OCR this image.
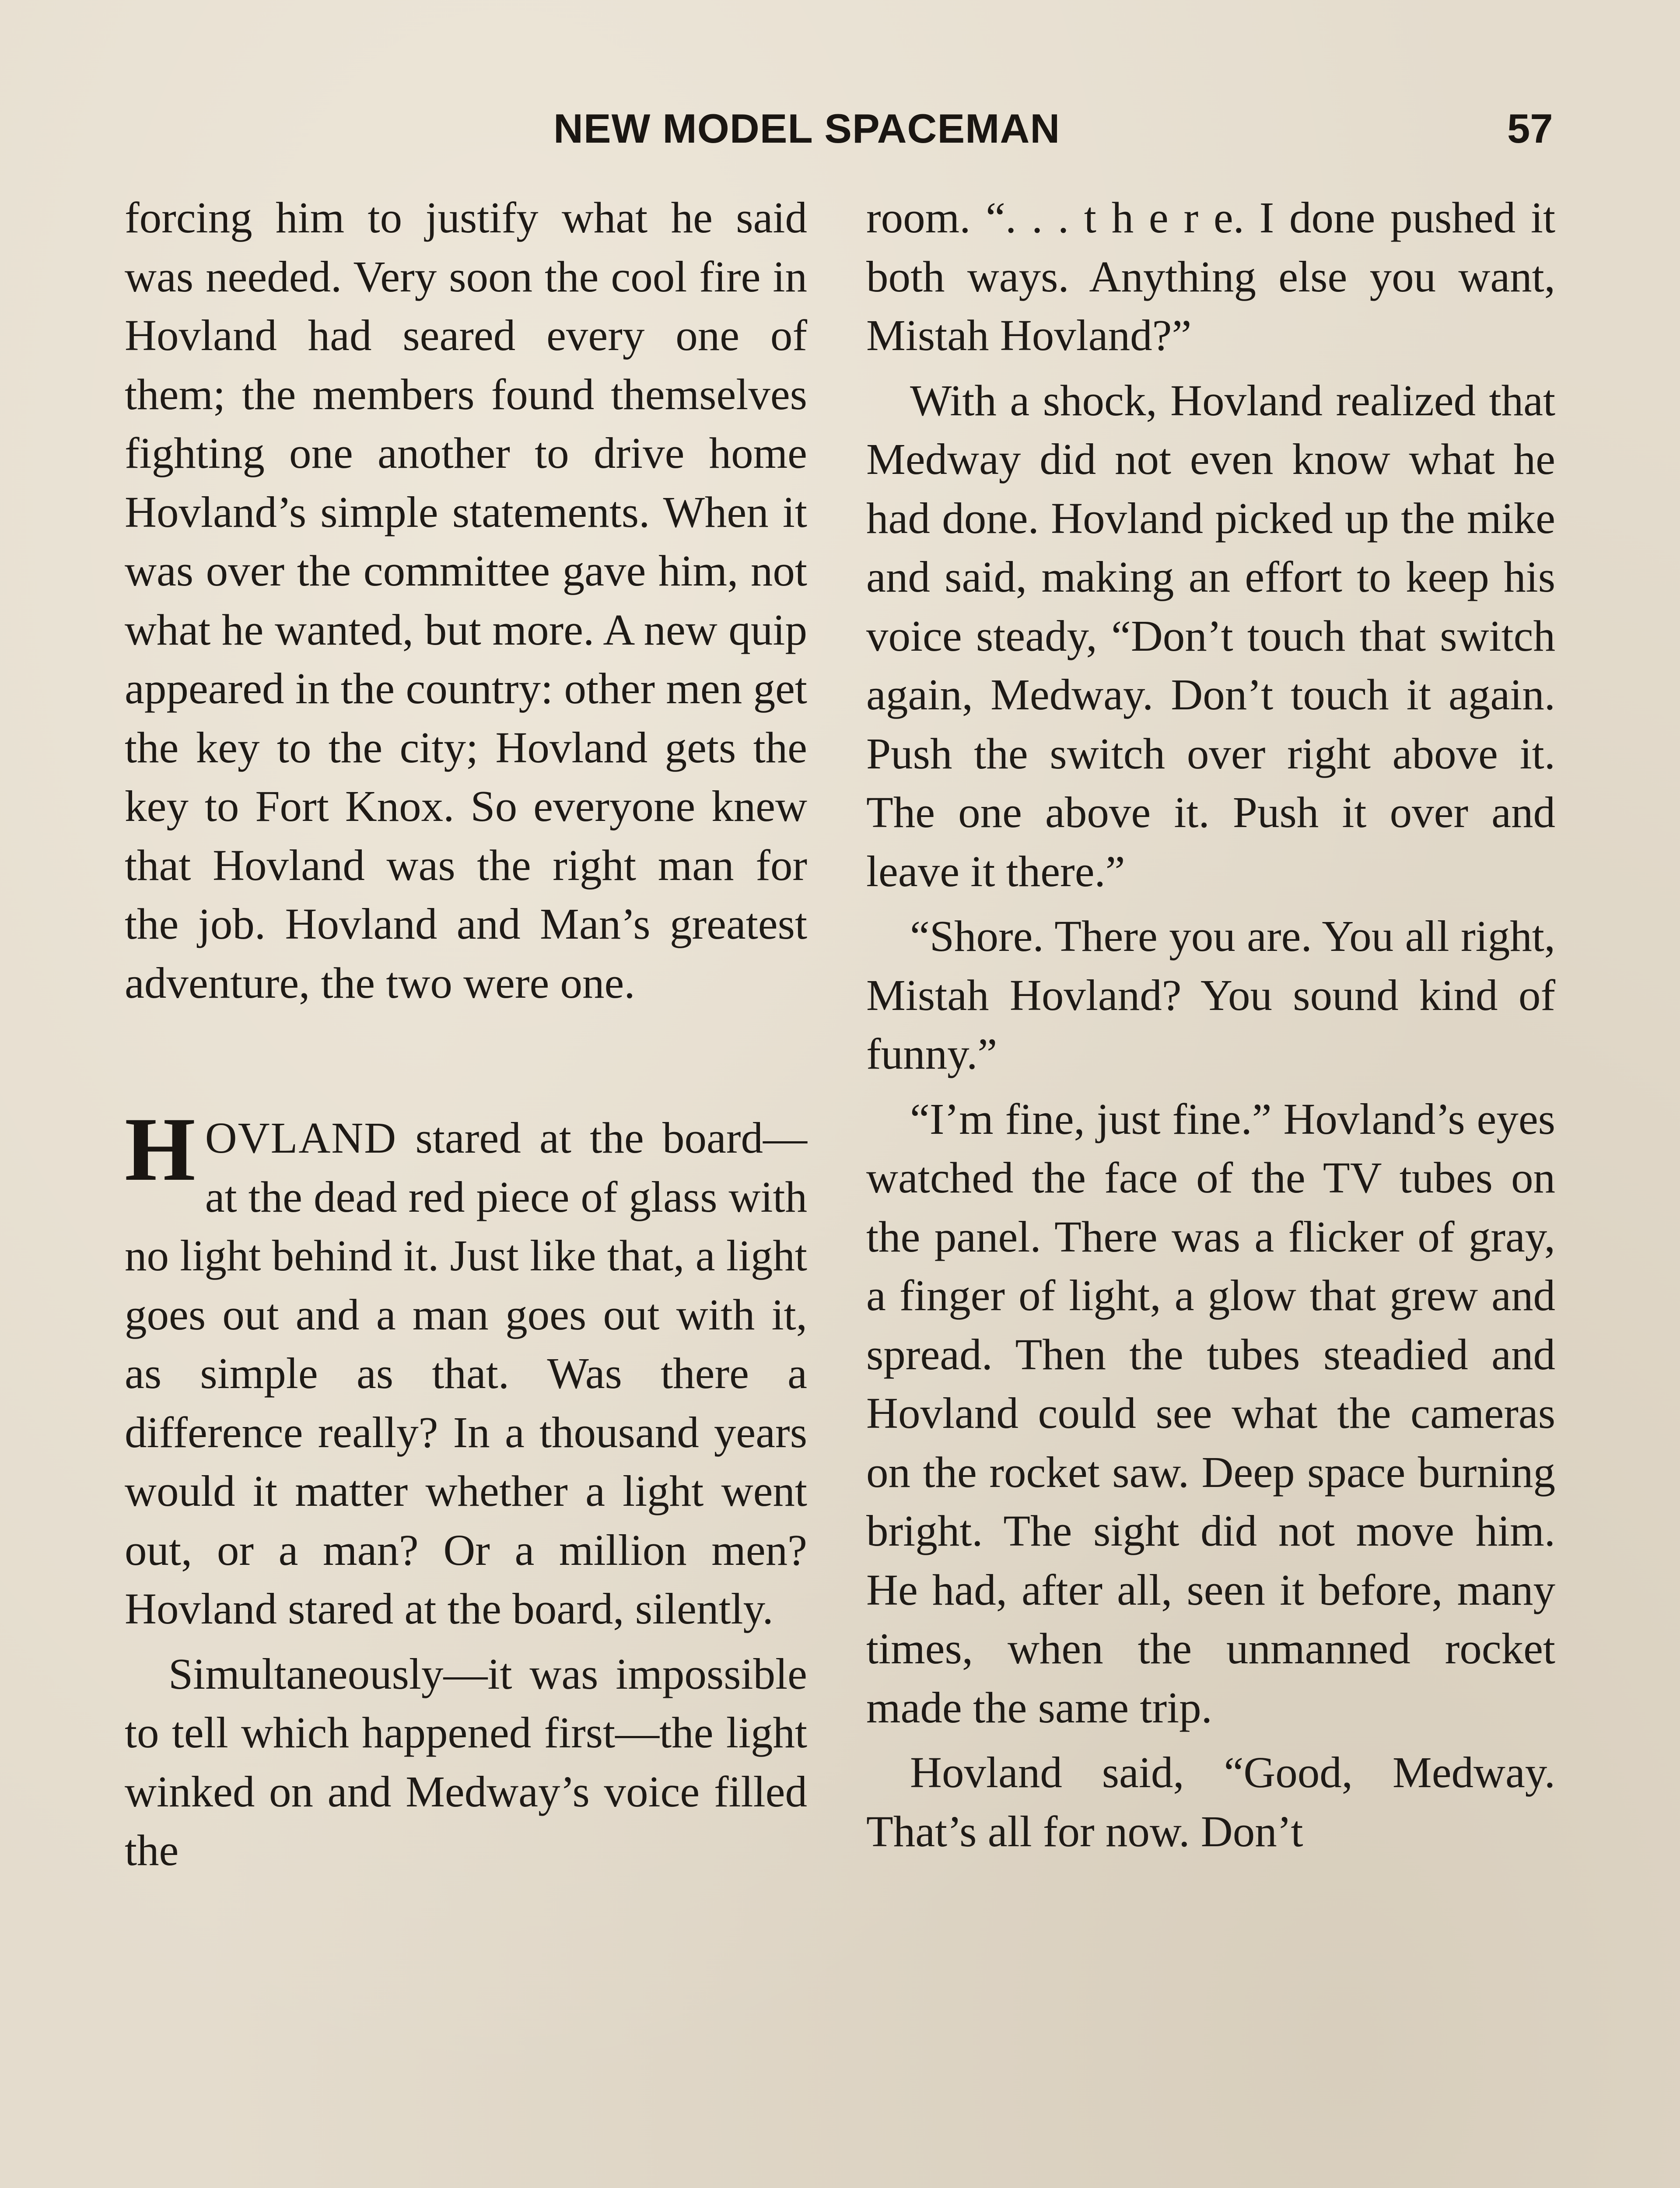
NEW MODEL SPACEMAN	57

forcing him to justify what he said was needed. Very soon the cool fire in Hovland had seared every one of them; the members found themselves fighting one another to drive home Hovland’s simple statements. When it was over the committee gave him, not what he wanted, but more. A new quip appeared in the country: other men get the key to the city; Hovland gets the key to Fort Knox. So everyone knew that Hovland was the right man for the job. Hovland and Man’s greatest adventure, the two were one.

HOVLAND stared at the board—at the dead red piece of glass with no light behind it. Just like that, a light goes out and a man goes out with it, as simple as that. Was there a difference really? In a thousand years would it matter whether a light went out, or a man? Or a million men? Hovland stared at the board, silently.

Simultaneously—it was impossible to tell which happened first—the light winked on and Medway’s voice filled the

room. “. . . t h e r e. I done pushed it both ways. Anything else you want, Mistah Hovland?”

With a shock, Hovland realized that Medway did not even know what he had done. Hovland picked up the mike and said, making an effort to keep his voice steady, “Don’t touch that switch again, Medway. Don’t touch it again. Push the switch over right above it. The one above it. Push it over and leave it there.”

“Shore. There you are. You all right, Mistah Hovland? You sound kind of funny.”

“I’m fine, just fine.” Hovland’s eyes watched the face of the TV tubes on the panel. There was a flicker of gray, a finger of light, a glow that grew and spread. Then the tubes steadied and Hovland could see what the cameras on the rocket saw. Deep space burning bright. The sight did not move him. He had, after all, seen it before, many times, when the unmanned rocket made the same trip.

Hovland said, “Good, Medway. That’s all for now. Don’t
